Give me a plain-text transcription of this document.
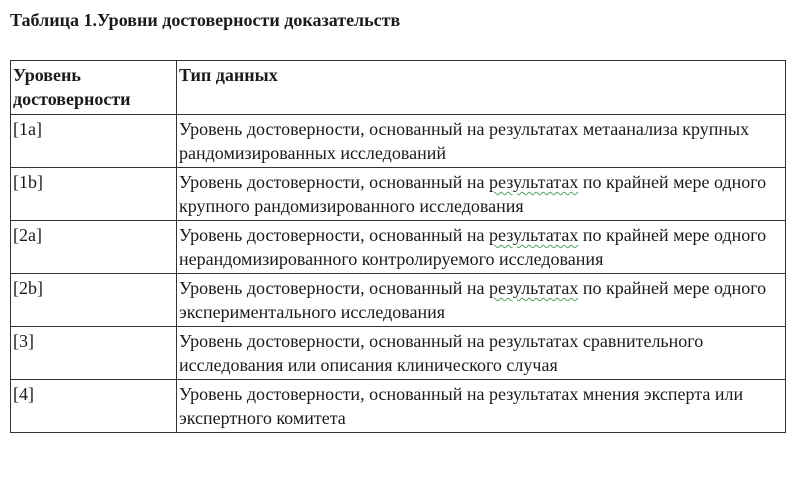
Таблица 1.Уровни достоверности доказательств
Уровень достоверности	Тип данных
[1a]	Уровень достоверности, основанный на результатах метаанализа крупных рандомизированных исследований
[1b]	Уровень достоверности, основанный на результатах по крайней мере одного крупного рандомизированного исследования
[2a]	Уровень достоверности, основанный на результатах по крайней мере одного нерандомизированного контролируемого исследования
[2b]	Уровень достоверности, основанный на результатах по крайней мере одного экспериментального исследования
[3]	Уровень достоверности, основанный на результатах сравнительного исследования или описания клинического случая
[4]	Уровень достоверности, основанный на результатах мнения эксперта или экспертного комитета
